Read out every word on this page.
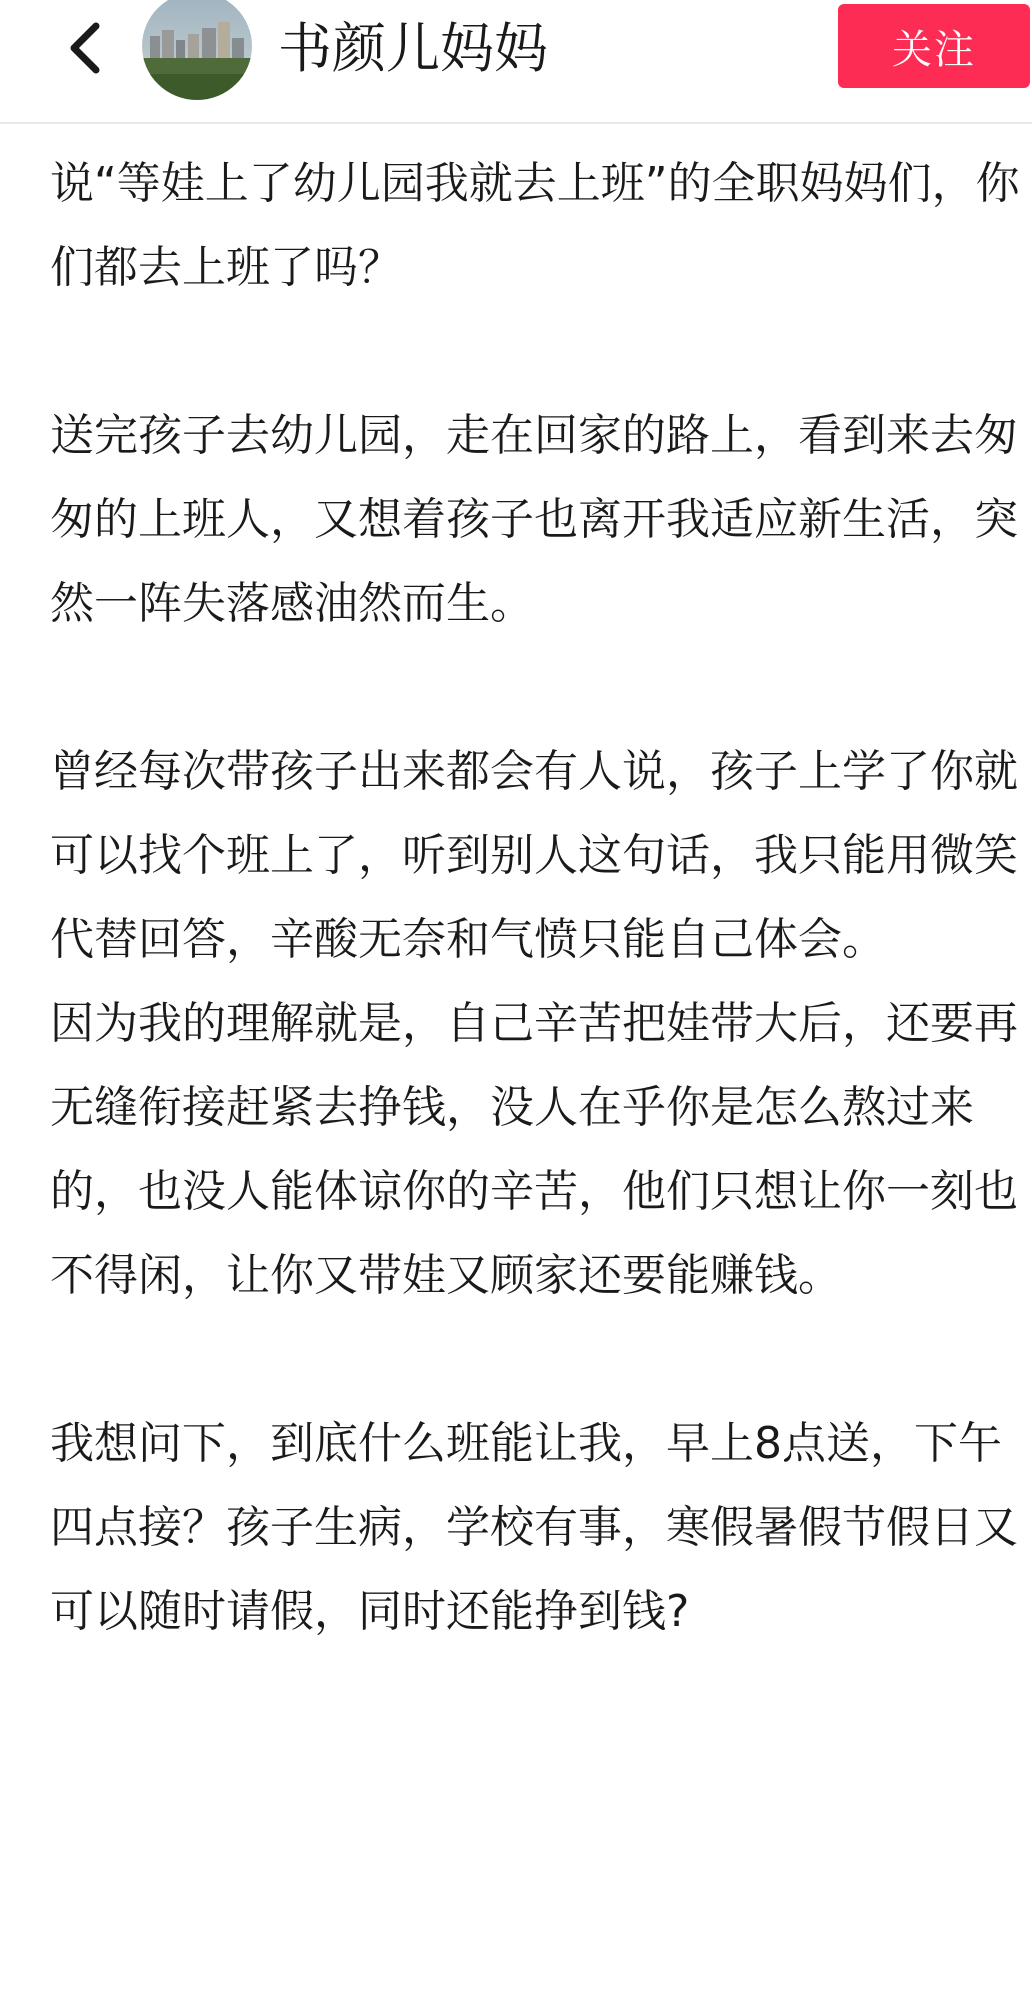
书颜儿妈妈	关注

说“等娃上了幼儿园我就去上班”的全职妈妈们，你们都去上班了吗？

送完孩子去幼儿园，走在回家的路上，看到来去匆匆的上班人，又想着孩子也离开我适应新生活，突然一阵失落感油然而生。

曾经每次带孩子出来都会有人说，孩子上学了你就可以找个班上了，听到别人这句话，我只能用微笑代替回答，辛酸无奈和气愤只能自己体会。

因为我的理解就是，自己辛苦把娃带大后，还要再无缝衔接赶紧去挣钱，没人在乎你是怎么熬过来的，也没人能体谅你的辛苦，他们只想让你一刻也不得闲，让你又带娃又顾家还要能赚钱。

我想问下，到底什么班能让我，早上8点送，下午四点接？孩子生病，学校有事，寒假暑假节假日又可以随时请假，同时还能挣到钱?
